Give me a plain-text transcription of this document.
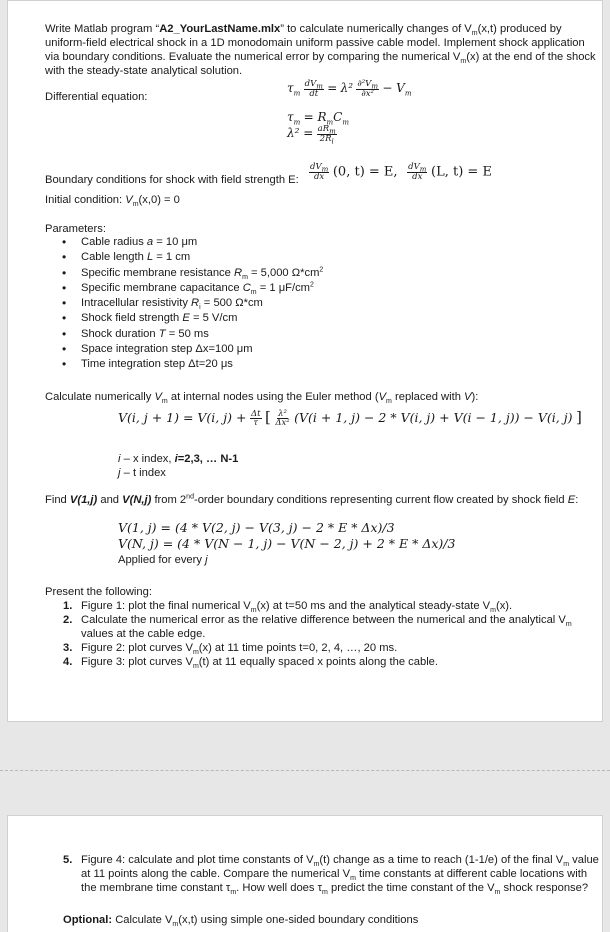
Write Matlab program “A2_YourLastName.mlx” to calculate numerically changes of $V_m(x,t)$ produced by
uniform-field electrical shock in a 1D monodomain uniform passive cable model. Implement shock application
via boundary conditions. Evaluate the numerical error by comparing the numerical $V_m(x)$ at the end of the shock
with the steady-state analytical solution.
Differential equation:
$\tau_m \frac{dV_m}{dt} = \lambda^2 \frac{\partial^2V_m}{\text{∂x²}} - V_m$
$\tau_m = R_mC_m$
$\lambda^2 = \frac{aR_m}{2R_i}$
Boundary conditions for shock with field strength E: $\frac{dV_m}{dx} (0$, t) = E, $\frac{dV_m}{dx} (L$, t) = E
Initial condition: $V_m(x,0) = 0$
Parameters:
• Cable radius a = 10 μm
• Cable length L = 1 cm
• Specific membrane resistance $R_m = 5,000$ $\Omega*cm^2$
• Specific membrane capacitance $C_m = 1$ $\mu F/cm^2$
• Intracellular resistivity $R_i = 500$ Ω*cm
• Shock field strength E = 5 V/cm
• Shock duration T = 50 ms
• Space integration step Δx=100 μm
• Time integration step Δt=20 μs
Calculate numerically $V_m$ at internal nodes using the Euler method ($V_m$ replaced with V):
V(i, j + 1) = V(i, $j) + \frac{\Delta t}{\tau}$ [ $\frac{\text{λ²}}{\text{Δx²}} (V(i + 1$, j) − 2 * V(i, j) + V(i − 1, j)) − V(i, j) ]
i – x index, i=2,3, … N-1
j – t index
Find V(1,j) and V(N,j) from 2nd-order boundary conditions representing current flow created by shock field E:
V(1, j) = (4 * V(2, j) − V(3, j) − 2 * E * Δx)/3
V(N, j) = (4 * V(N − 1, j) − V(N − 2, j) + 2 * E * Δx)/3
Applied for every j
Present the following:
1. Figure 1: plot the final numerical $V_m(x)$ at t=50 ms and the analytical steady-state $V_m(x)$.
2. Calculate the numerical error as the relative difference between the numerical and the analytical $V_m$
values at the cable edge.
3. Figure 2: plot curves $V_m(x)$ at 11 time points t=0, 2, 4, …, 20 ms.
4. Figure 3: plot curves $V_m(t)$ at 11 equally spaced x points along the cable.
5. Figure 4: calculate and plot time constants of $V_m(t)$ change as a time to reach (1-1/e) of the final $V_m$ value
at 11 points along the cable. Compare the numerical $V_m$ time constants at different cable locations with
the membrane time constant $\tau_m$. How well does $\tau_m$ predict the time constant of the $V_m$ shock response?
Optional: Calculate $V_m(x,t)$ using simple one-sided boundary conditions
